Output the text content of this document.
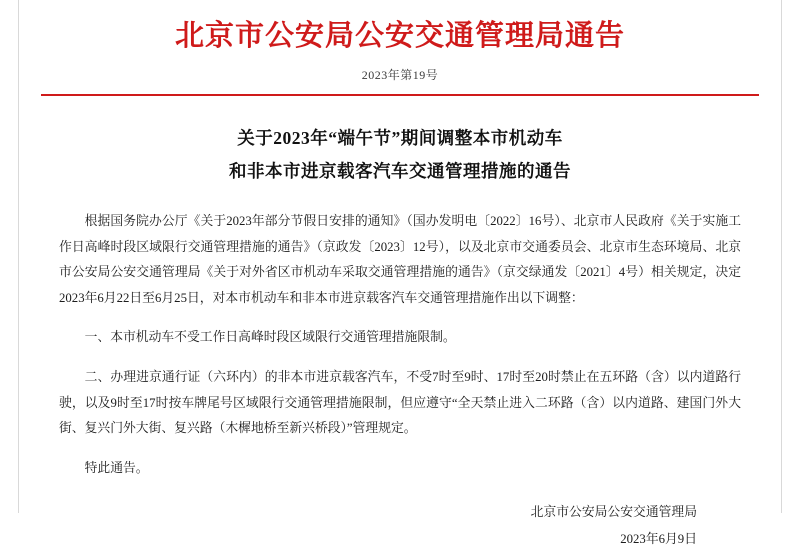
北京市公安局公安交通管理局通告
2023年第19号
关于2023年“端午节”期间调整本市机动车
和非本市进京载客汽车交通管理措施的通告

根据国务院办公厅《关于2023年部分节假日安排的通知》（国办发明电〔2022〕16号）、北京市人民政府《关于实施工作日高峰时段区域限行交通管理措施的通告》（京政发〔2023〕12号），以及北京市交通委员会、北京市生态环境局、北京市公安局公安交通管理局《关于对外省区市机动车采取交通管理措施的通告》（京交绿通发〔2021〕4号）相关规定，决定2023年6月22日至6月25日，对本市机动车和非本市进京载客汽车交通管理措施作出以下调整：

一、本市机动车不受工作日高峰时段区域限行交通管理措施限制。

二、办理进京通行证（六环内）的非本市进京载客汽车，不受7时至9时、17时至20时禁止在五环路（含）以内道路行驶，以及9时至17时按车牌尾号区域限行交通管理措施限制，但应遵守“全天禁止进入二环路（含）以内道路、建国门外大街、复兴门外大街、复兴路（木樨地桥至新兴桥段）”管理规定。

特此通告。

北京市公安局公安交通管理局
2023年6月9日
